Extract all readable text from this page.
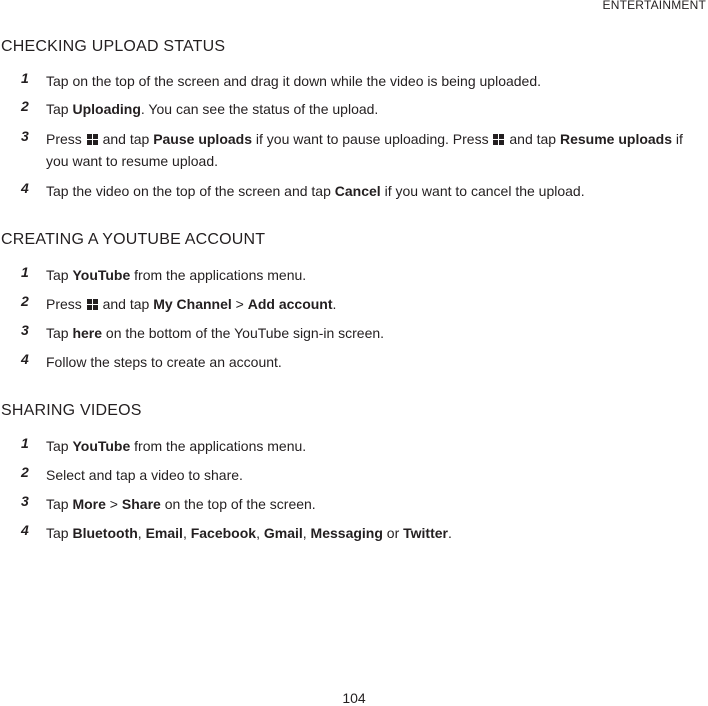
ENTERTAINMENT
CHECKING UPLOAD STATUS
1 Tap on the top of the screen and drag it down while the video is being uploaded.
2 Tap Uploading. You can see the status of the upload.
3 Press
and tap Pause uploads if you want to pause uploading. Press
and tap Resume uploads if you want to resume upload.
4 Tap the video on the top of the screen and tap Cancel if you want to cancel the upload.
CREATING A YOUTUBE ACCOUNT
1 Tap YouTube from the applications menu.
2 Press
and tap My Channel > Add account.
3 Tap here on the bottom of the YouTube sign-in screen.
4 Follow the steps to create an account.
SHARING VIDEOS
1 Tap YouTube from the applications menu.
2 Select and tap a video to share.
3 Tap More > Share on the top of the screen.
4 Tap Bluetooth, Email, Facebook, Gmail, Messaging or Twitter.
104
